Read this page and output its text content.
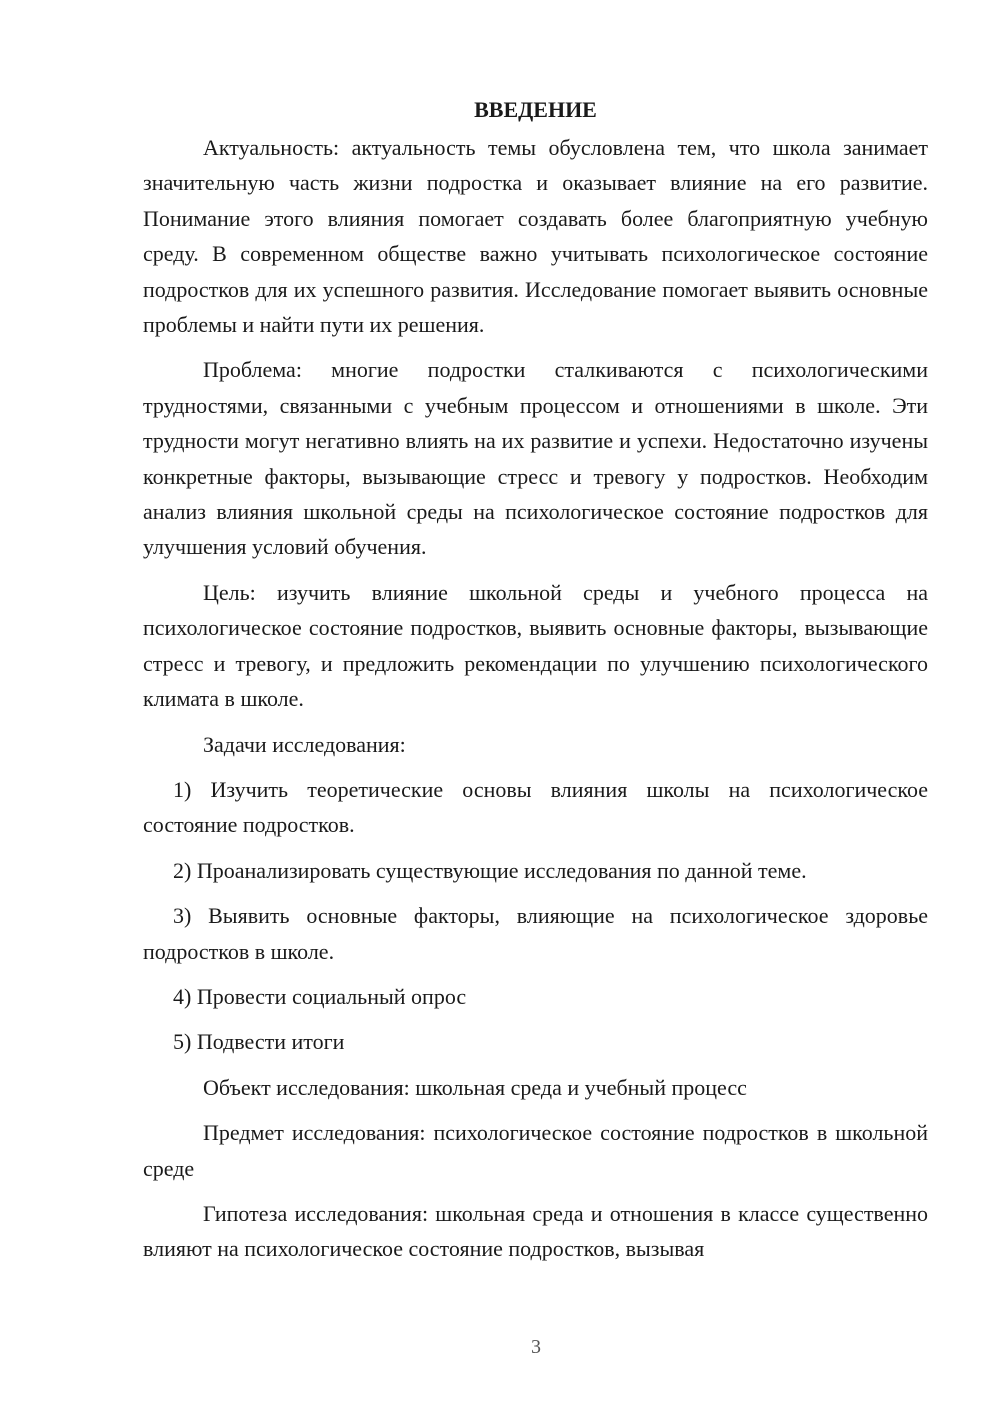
ВВЕДЕНИЕ

Актуальность: актуальность темы обусловлена тем, что школа занимает значительную часть жизни подростка и оказывает влияние на его развитие. Понимание этого влияния помогает создавать более благоприятную учебную среду. В современном обществе важно учитывать психологическое состояние подростков для их успешного развития. Исследование помогает выявить основные проблемы и найти пути их решения.

Проблема: многие подростки сталкиваются с психологическими трудностями, связанными с учебным процессом и отношениями в школе. Эти трудности могут негативно влиять на их развитие и успехи. Недостаточно изучены конкретные факторы, вызывающие стресс и тревогу у подростков. Необходим анализ влияния школьной среды на психологическое состояние подростков для улучшения условий обучения.

Цель: изучить влияние школьной среды и учебного процесса на психологическое состояние подростков, выявить основные факторы, вызывающие стресс и тревогу, и предложить рекомендации по улучшению психологического климата в школе.

Задачи исследования:

1) Изучить теоретические основы влияния школы на психологическое состояние подростков.

2) Проанализировать существующие исследования по данной теме.

3) Выявить основные факторы, влияющие на психологическое здоровье подростков в школе.

4) Провести социальный опрос

5) Подвести итоги

Объект исследования: школьная среда и учебный процесс

Предмет исследования: психологическое состояние подростков в школьной среде

Гипотеза исследования: школьная среда и отношения в классе существенно влияют на психологическое состояние подростков, вызывая

3
